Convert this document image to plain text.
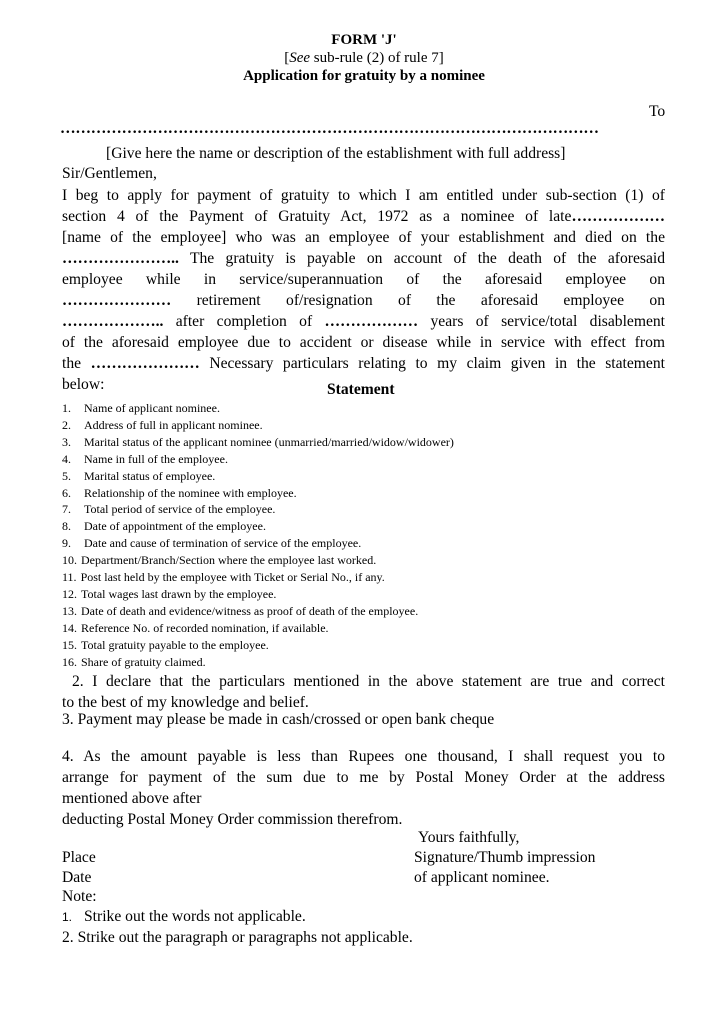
FORM 'J'
[See sub-rule (2) of rule 7]
Application for gratuity by a nominee
To
……………………………………………………………………………………………
[Give here the name or description of the establishment with full address]
Sir/Gentlemen,
I beg to apply for payment of gratuity to which I am entitled under sub-section (1) of
section 4 of the Payment of Gratuity Act, 1972 as a nominee of late………………
[name of the employee] who was an employee of your establishment and died on the
………………….. The gratuity is payable on account of the death of the aforesaid
employee while in service/superannuation of the aforesaid employee on
………………… retirement of/resignation of the aforesaid employee on
……………….. after completion of ……………… years of service/total disablement
of the aforesaid employee due to accident or disease while in service with effect from
the ………………… Necessary particulars relating to my claim given in the statement
below:	Statement
1. Name of applicant nominee.
2. Address of full in applicant nominee.
3. Marital status of the applicant nominee (unmarried/married/widow/widower)
4. Name in full of the employee.
5. Marital status of employee.
6. Relationship of the nominee with employee.
7. Total period of service of the employee.
8. Date of appointment of the employee.
9. Date and cause of termination of service of the employee.
10. Department/Branch/Section where the employee last worked.
11. Post last held by the employee with Ticket or Serial No., if any.
12. Total wages last drawn by the employee.
13. Date of death and evidence/witness as proof of death of the employee.
14. Reference No. of recorded nomination, if available.
15. Total gratuity payable to the employee.
16. Share of gratuity claimed.
2. I declare that the particulars mentioned in the above statement are true and correct
to the best of my knowledge and belief.
3. Payment may please be made in cash/crossed or open bank cheque
4. As the amount payable is less than Rupees one thousand, I shall request you to
arrange for payment of the sum due to me by Postal Money Order at the address
mentioned above after
deducting Postal Money Order commission therefrom.
Yours faithfully,
Place	Signature/Thumb impression
Date	of applicant nominee.
Note:
1. Strike out the words not applicable.
2. Strike out the paragraph or paragraphs not applicable.
